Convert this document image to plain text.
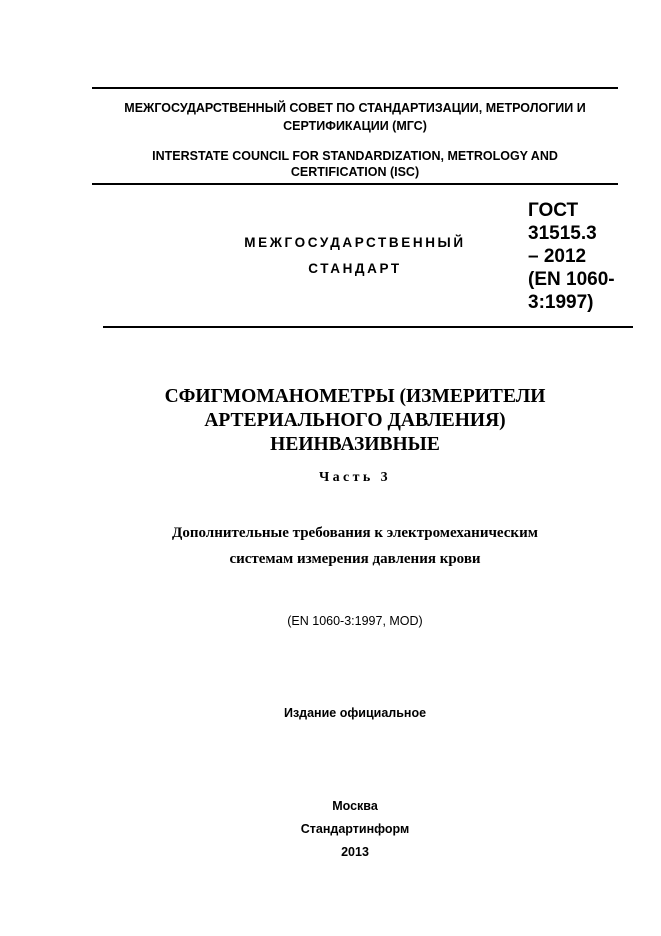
МЕЖГОСУДАРСТВЕННЫЙ СОВЕТ ПО СТАНДАРТИЗАЦИИ, МЕТРОЛОГИИ И
СЕРТИФИКАЦИИ (МГС)
INTERSTATE COUNCIL FOR STANDARDIZATION, METROLOGY AND
CERTIFICATION (ISC)
МЕЖГОСУДАРСТВЕННЫЙ
СТАНДАРТ
ГОСТ
31515.3
– 2012
(EN 1060-
3:1997)
СФИГМОМАНОМЕТРЫ (ИЗМЕРИТЕЛИ
АРТЕРИАЛЬНОГО ДАВЛЕНИЯ)
НЕИНВАЗИВНЫЕ
Часть 3
Дополнительные требования к электромеханическим
системам измерения давления крови
(EN 1060-3:1997, MOD)
Издание официальное
Москва
Стандартинформ
2013
